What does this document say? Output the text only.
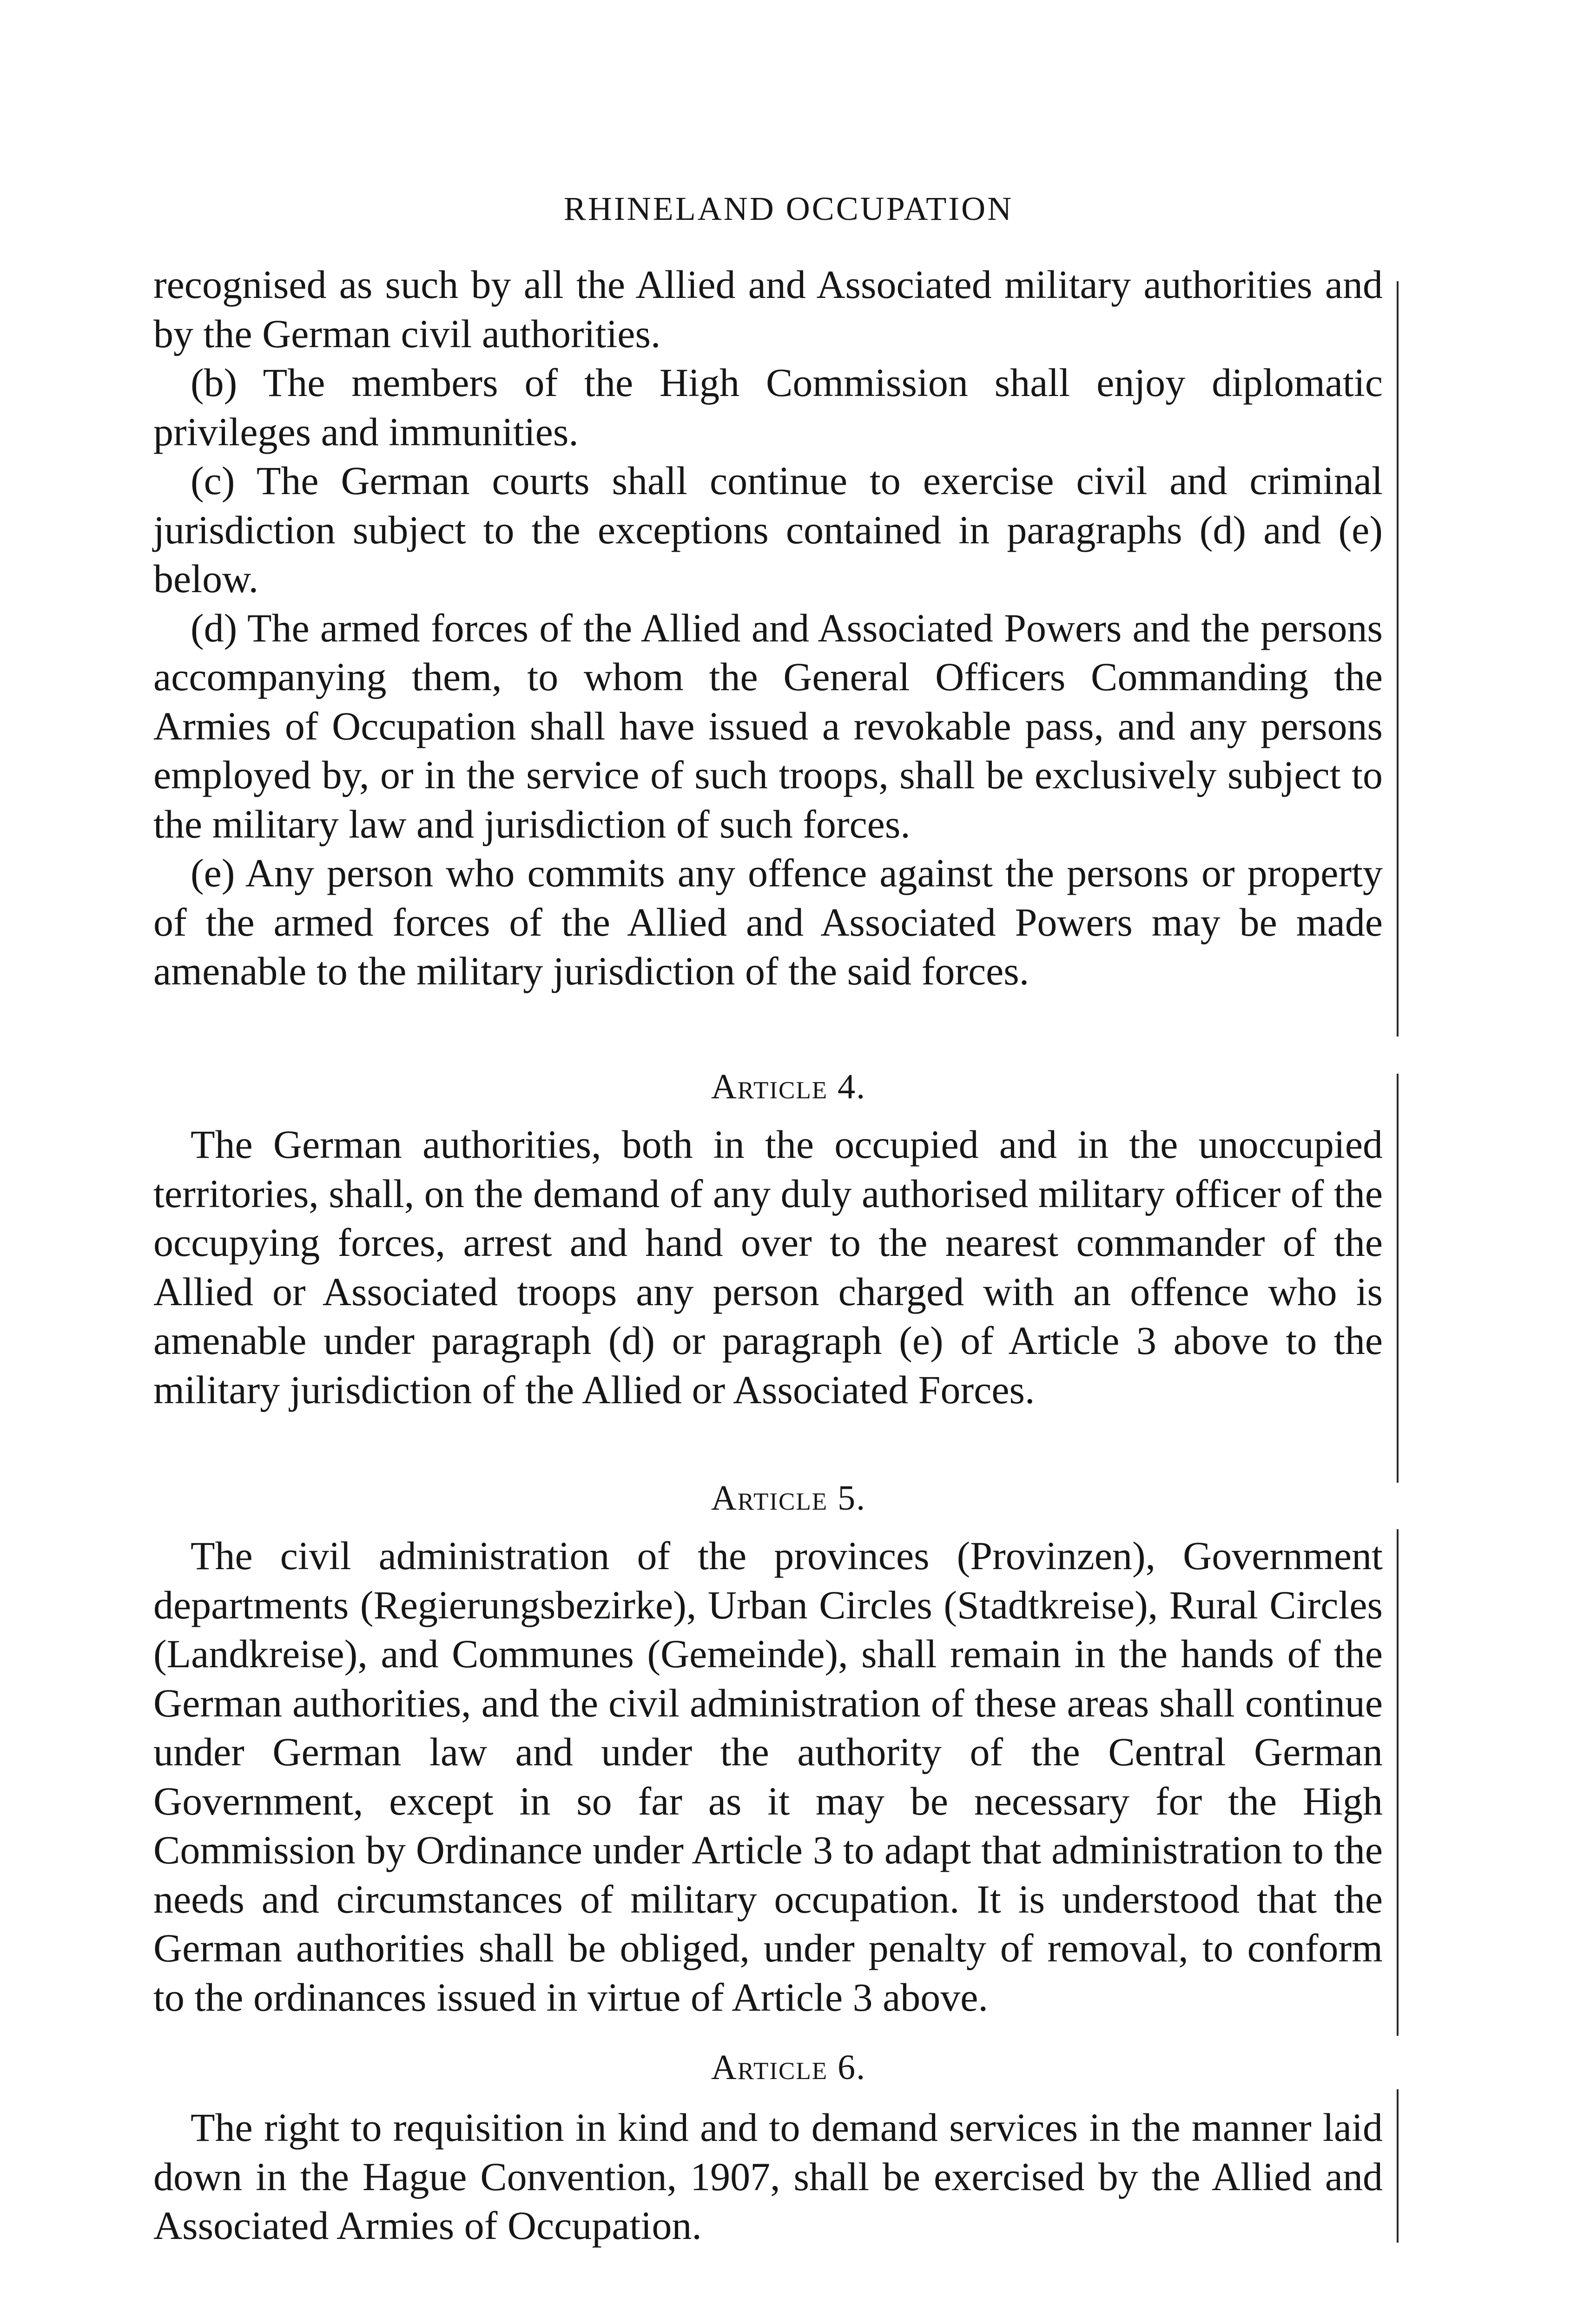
RHINELAND OCCUPATION

recognised as such by all the Allied and Associated military authorities and by the German civil authorities.

(b) The members of the High Commission shall enjoy diplomatic privileges and immunities.

(c) The German courts shall continue to exercise civil and criminal jurisdiction subject to the exceptions contained in paragraphs (d) and (e) below.

(d) The armed forces of the Allied and Associated Powers and the persons accompanying them, to whom the General Officers Commanding the Armies of Occupation shall have issued a revokable pass, and any persons employed by, or in the service of such troops, shall be exclusively subject to the military law and jurisdiction of such forces.

(e) Any person who commits any offence against the persons or property of the armed forces of the Allied and Associated Powers may be made amenable to the military jurisdiction of the said forces.

Article 4.

The German authorities, both in the occupied and in the unoccupied territories, shall, on the demand of any duly authorised military officer of the occupying forces, arrest and hand over to the nearest commander of the Allied or Associated troops any person charged with an offence who is amenable under paragraph (d) or paragraph (e) of Article 3 above to the military jurisdiction of the Allied or Associated Forces.

Article 5.

The civil administration of the provinces (Provinzen), Government departments (Regierungsbezirke), Urban Circles (Stadtkreise), Rural Circles (Landkreise), and Communes (Gemeinde), shall remain in the hands of the German authorities, and the civil administration of these areas shall continue under German law and under the authority of the Central German Government, except in so far as it may be necessary for the High Commission by Ordinance under Article 3 to adapt that administration to the needs and circumstances of military occupation. It is understood that the German authorities shall be obliged, under penalty of removal, to conform to the ordinances issued in virtue of Article 3 above.

Article 6.

The right to requisition in kind and to demand services in the manner laid down in the Hague Convention, 1907, shall be exercised by the Allied and Associated Armies of Occupation.
